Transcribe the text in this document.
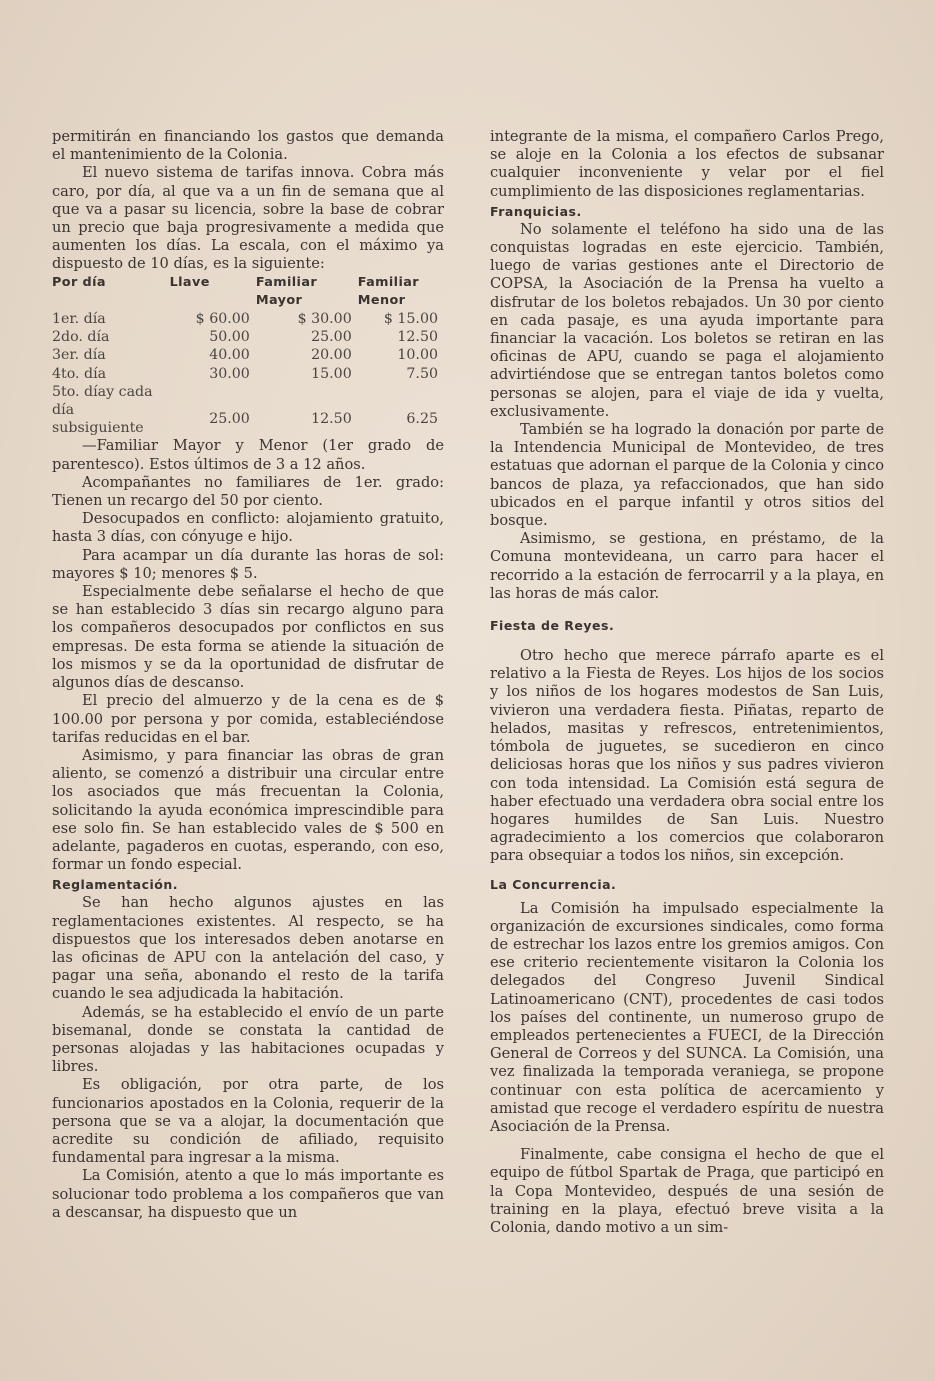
permitirán en financiando los gastos que demanda el mantenimiento de la Colonia.

El nuevo sistema de tarifas innova. Cobra más caro, por día, al que va a un fin de semana que al que va a pasar su licencia, sobre la base de cobrar un precio que baja progresivamente a medida que aumenten los días. La escala, con el máximo ya dispuesto de 10 días, es la siguiente:

Por día	Llave	Familiar Mayor	Familiar Menor
1er. día	$ 60.00	$ 30.00	$ 15.00
2do. día	50.00	25.00	12.50
3er. día	40.00	20.00	10.00
4to. día	30.00	15.00	7.50
5to. díay cada			
día subsiguiente	25.00	12.50	6.25

—Familiar Mayor y Menor (1er grado de parentesco). Estos últimos de 3 a 12 años.

Acompañantes no familiares de 1er. grado: Tienen un recargo del 50 por ciento.

Desocupados en conflicto: alojamiento gratuito, hasta 3 días, con cónyuge e hijo.

Para acampar un día durante las horas de sol: mayores $ 10; menores $ 5.

Especialmente debe señalarse el hecho de que se han establecido 3 días sin recargo alguno para los compañeros desocupados por conflictos en sus empresas. De esta forma se atiende la situación de los mismos y se da la oportunidad de disfrutar de algunos días de descanso.

El precio del almuerzo y de la cena es de $ 100.00 por persona y por comida, estableciéndose tarifas reducidas en el bar.

Asimismo, y para financiar las obras de gran aliento, se comenzó a distribuir una circular entre los asociados que más frecuentan la Colonia, solicitando la ayuda económica imprescindible para ese solo fin. Se han establecido vales de $ 500 en adelante, pagaderos en cuotas, esperando, con eso, formar un fondo especial.

Reglamentación.

Se han hecho algunos ajustes en las reglamentaciones existentes. Al respecto, se ha dispuestos que los interesados deben anotarse en las oficinas de APU con la antelación del caso, y pagar una seña, abonando el resto de la tarifa cuando le sea adjudicada la habitación.

Además, se ha establecido el envío de un parte bisemanal, donde se constata la cantidad de personas alojadas y las habitaciones ocupadas y libres.

Es obligación, por otra parte, de los funcionarios apostados en la Colonia, requerir de la persona que se va a alojar, la documentación que acredite su condición de afiliado, requisito fundamental para ingresar a la misma.

La Comisión, atento a que lo más importante es solucionar todo problema a los compañeros que van a descansar, ha dispuesto que un

integrante de la misma, el compañero Carlos Prego, se aloje en la Colonia a los efectos de subsanar cualquier inconveniente y velar por el fiel cumplimiento de las disposiciones reglamentarias.

Franquicias.

No solamente el teléfono ha sido una de las conquistas logradas en este ejercicio. También, luego de varias gestiones ante el Directorio de COPSA, la Asociación de la Prensa ha vuelto a disfrutar de los boletos rebajados. Un 30 por ciento en cada pasaje, es una ayuda importante para financiar la vacación. Los boletos se retiran en las oficinas de APU, cuando se paga el alojamiento advirtiéndose que se entregan tantos boletos como personas se alojen, para el viaje de ida y vuelta, exclusivamente.

También se ha logrado la donación por parte de la Intendencia Municipal de Montevideo, de tres estatuas que adornan el parque de la Colonia y cinco bancos de plaza, ya refaccionados, que han sido ubicados en el parque infantil y otros sitios del bosque.

Asimismo, se gestiona, en préstamo, de la Comuna montevideana, un carro para hacer el recorrido a la estación de ferrocarril y a la playa, en las horas de más calor.

Fiesta de Reyes.

Otro hecho que merece párrafo aparte es el relativo a la Fiesta de Reyes. Los hijos de los socios y los niños de los hogares modestos de San Luis, vivieron una verdadera fiesta. Piñatas, reparto de helados, masitas y refrescos, entretenimientos, tómbola de juguetes, se sucedieron en cinco deliciosas horas que los niños y sus padres vivieron con toda intensidad. La Comisión está segura de haber efectuado una verdadera obra social entre los hogares humildes de San Luis. Nuestro agradecimiento a los comercios que colaboraron para obsequiar a todos los niños, sin excepción.

La Concurrencia.

La Comisión ha impulsado especialmente la organización de excursiones sindicales, como forma de estrechar los lazos entre los gremios amigos. Con ese criterio recientemente visitaron la Colonia los delegados del Congreso Juvenil Sindical Latinoamericano (CNT), procedentes de casi todos los países del continente, un numeroso grupo de empleados pertenecientes a FUECI, de la Dirección General de Correos y del SUNCA. La Comisión, una vez finalizada la temporada veraniega, se propone continuar con esta política de acercamiento y amistad que recoge el verdadero espíritu de nuestra Asociación de la Prensa.

Finalmente, cabe consigna el hecho de que el equipo de fútbol Spartak de Praga, que participó en la Copa Montevideo, después de una sesión de training en la playa, efectuó breve visita a la Colonia, dando motivo a un sim-
